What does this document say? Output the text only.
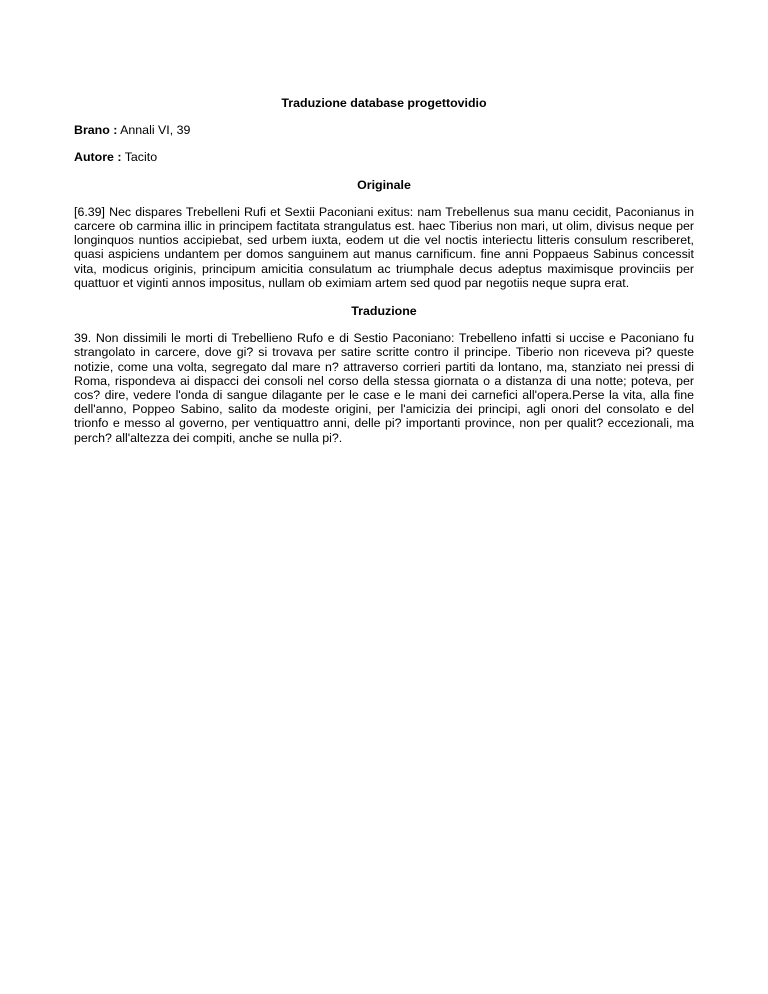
Traduzione database progettovidio
Brano : Annali VI, 39
Autore : Tacito
Originale
[6.39] Nec dispares Trebelleni Rufi et Sextii Paconiani exitus: nam Trebellenus sua manu cecidit, Paconianus in carcere ob carmina illic in principem factitata strangulatus est. haec Tiberius non mari, ut olim, divisus neque per longinquos nuntios accipiebat, sed urbem iuxta, eodem ut die vel noctis interiectu litteris consulum rescriberet, quasi aspiciens undantem per domos sanguinem aut manus carnificum. fine anni Poppaeus Sabinus concessit vita, modicus originis, principum amicitia consulatum ac triumphale decus adeptus maximisque provinciis per quattuor et viginti annos impositus, nullam ob eximiam artem sed quod par negotiis neque supra erat.
Traduzione
39. Non dissimili le morti di Trebellieno Rufo e di Sestio Paconiano: Trebelleno infatti si uccise e Paconiano fu strangolato in carcere, dove gi? si trovava per satire scritte contro il principe. Tiberio non riceveva pi? queste notizie, come una volta, segregato dal mare n? attraverso corrieri partiti da lontano, ma, stanziato nei pressi di Roma, rispondeva ai dispacci dei consoli nel corso della stessa giornata o a distanza di una notte; poteva, per cos? dire, vedere l'onda di sangue dilagante per le case e le mani dei carnefici all'opera.Perse la vita, alla fine dell'anno, Poppeo Sabino, salito da modeste origini, per l'amicizia dei principi, agli onori del consolato e del trionfo e messo al governo, per ventiquattro anni, delle pi? importanti province, non per qualit? eccezionali, ma perch? all'altezza dei compiti, anche se nulla pi?.
